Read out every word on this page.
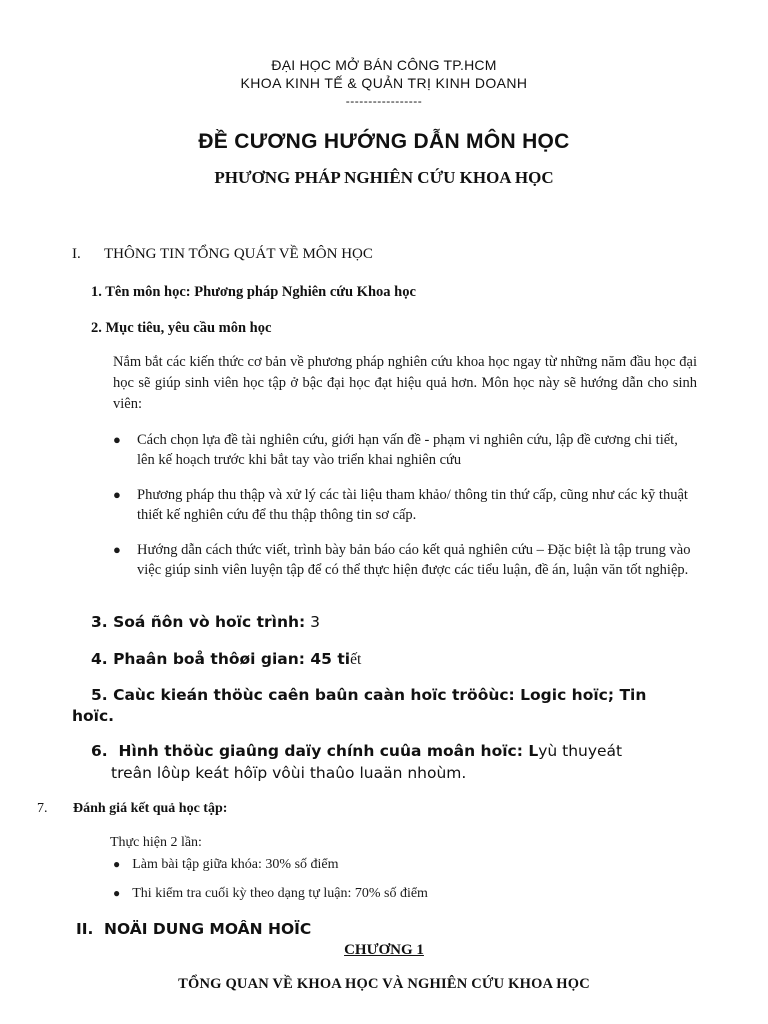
ĐẠI HỌC MỞ BÁN CÔNG TP.HCM
KHOA KINH TẾ & QUẢN TRỊ KINH DOANH
-----------------
ĐỀ CƯƠNG HƯỚNG DẪN MÔN HỌC
PHƯƠNG PHÁP NGHIÊN CỨU KHOA HỌC
I. THÔNG TIN TỔNG QUÁT VỀ MÔN HỌC
1. Tên môn học: Phương pháp Nghiên cứu Khoa học
2. Mục tiêu, yêu cầu môn học
Nắm bắt các kiến thức cơ bản về phương pháp nghiên cứu khoa học ngay từ những năm đầu học đại học sẽ giúp sinh viên học tập ở bậc đại học đạt hiệu quả hơn. Môn học này sẽ hướng dẫn cho sinh viên:
● Cách chọn lựa đề tài nghiên cứu, giới hạn vấn đề - phạm vi nghiên cứu, lập đề cương chi tiết, lên kế hoạch trước khi bắt tay vào triển khai nghiên cứu
● Phương pháp thu thập và xử lý các tài liệu tham khảo/ thông tin thứ cấp, cũng như các kỹ thuật thiết kế nghiên cứu để thu thập thông tin sơ cấp.
● Hướng dẫn cách thức viết, trình bày bản báo cáo kết quả nghiên cứu – Đặc biệt là tập trung vào việc giúp sinh viên luyện tập để có thể thực hiện được các tiểu luận, đề án, luận văn tốt nghiệp.
3. Soá ñôn vò hoïc trình: 3
4. Phaân boå thôøi gian: 45 tiết
5. Caùc kieán thöùc caên baûn caàn hoïc tröôùc: Logic hoïc; Tin
hoïc.
6. Hình thöùc giaûng daïy chính cuûa moân hoïc: Lyù thuyeát
treân lôùp keát hôïp vôùi thaûo luaän nhoùm.
7. Đánh giá kết quả học tập:
Thực hiện 2 lần:
● Làm bài tập giữa khóa: 30% số điểm
● Thi kiểm tra cuối kỳ theo dạng tự luận: 70% số điểm
II. NOÄI DUNG MOÂN HOÏC
CHƯƠNG 1
TỔNG QUAN VỀ KHOA HỌC VÀ NGHIÊN CỨU KHOA HỌC
